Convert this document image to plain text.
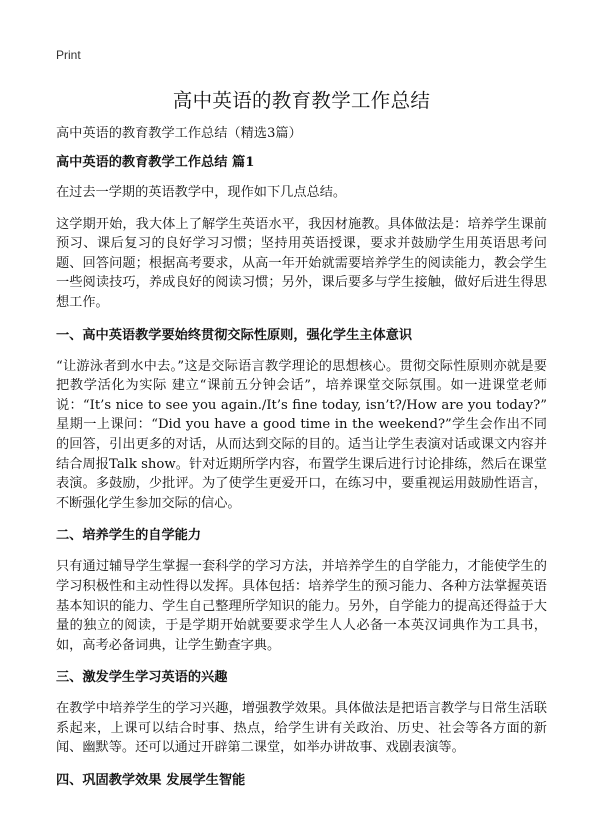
Print
高中英语的教育教学工作总结

高中英语的教育教学工作总结（精选3篇）

高中英语的教育教学工作总结 篇1

在过去一学期的英语教学中，现作如下几点总结。

这学期开始，我大体上了解学生英语水平，我因材施教。具体做法是：培养学生课前预习、课后复习的良好学习习惯；坚持用英语授课，要求并鼓励学生用英语思考问题、回答问题；根据高考要求，从高一年开始就需要培养学生的阅读能力，教会学生一些阅读技巧，养成良好的阅读习惯；另外，课后要多与学生接触，做好后进生得思想工作。

一、高中英语教学要始终贯彻交际性原则，强化学生主体意识

“让游泳者到水中去。”这是交际语言教学理论的思想核心。贯彻交际性原则亦就是要把教学活化为实际 建立“课前五分钟会话”，培养课堂交际氛围。如一进课堂老师说：“It’s nice to see you again./It’s fine today, isn’t?/How are you today?” 星期一上课问：“Did you have a good time in the weekend?”学生会作出不同的回答，引出更多的对话，从而达到交际的目的。适当让学生表演对话或课文内容并结合周报Talk show。针对近期所学内容，布置学生课后进行讨论排练，然后在课堂表演。多鼓励，少批评。为了使学生更爱开口，在练习中，要重视运用鼓励性语言，不断强化学生参加交际的信心。

二、培养学生的自学能力

只有通过辅导学生掌握一套科学的学习方法，并培养学生的自学能力，才能使学生的学习积极性和主动性得以发挥。具体包括：培养学生的预习能力、各种方法掌握英语基本知识的能力、学生自己整理所学知识的能力。另外，自学能力的提高还得益于大量的独立的阅读，于是学期开始就要要求学生人人必备一本英汉词典作为工具书，如，高考必备词典，让学生勤查字典。

三、激发学生学习英语的兴趣

在教学中培养学生的学习兴趣，增强教学效果。具体做法是把语言教学与日常生活联系起来，上课可以结合时事、热点，给学生讲有关政治、历史、社会等各方面的新闻、幽默等。还可以通过开辟第二课堂，如举办讲故事、戏剧表演等。

四、巩固教学效果 发展学生智能
